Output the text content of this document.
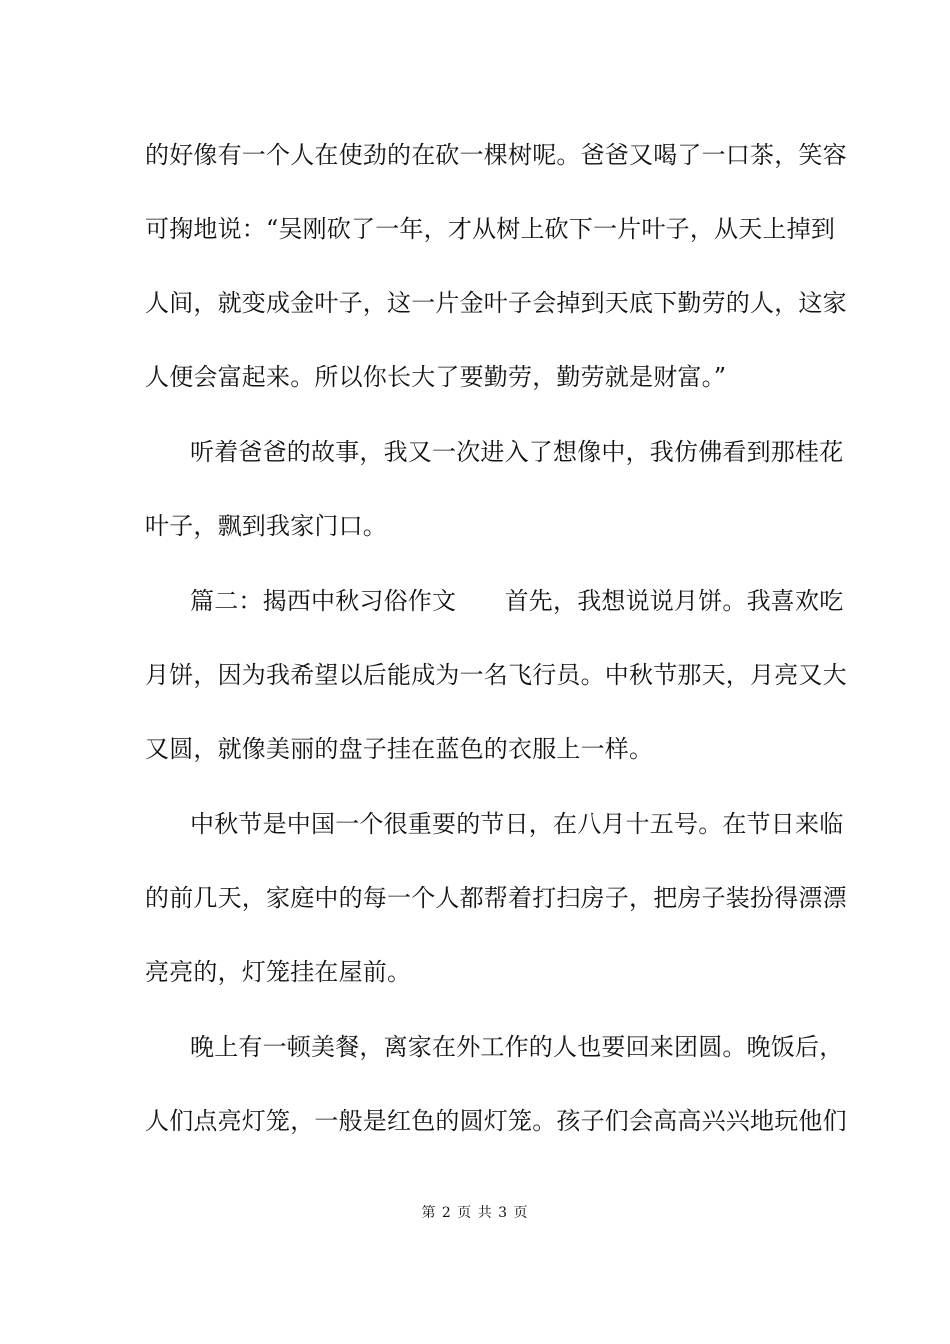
的好像有一个人在使劲的在砍一棵树呢。爸爸又喝了一口茶，笑容
可掬地说：“吴刚砍了一年，才从树上砍下一片叶子，从天上掉到
人间，就变成金叶子，这一片金叶子会掉到天底下勤劳的人，这家
人便会富起来。所以你长大了要勤劳，勤劳就是财富。”
听着爸爸的故事，我又一次进入了想像中，我仿佛看到那桂花
叶子，飘到我家门口。
篇二：揭西中秋习俗作文　　首先，我想说说月饼。我喜欢吃
月饼，因为我希望以后能成为一名飞行员。中秋节那天，月亮又大
又圆，就像美丽的盘子挂在蓝色的衣服上一样。
中秋节是中国一个很重要的节日，在八月十五号。在节日来临
的前几天，家庭中的每一个人都帮着打扫房子，把房子装扮得漂漂
亮亮的，灯笼挂在屋前。
晚上有一顿美餐，离家在外工作的人也要回来团圆。晚饭后，
人们点亮灯笼，一般是红色的圆灯笼。孩子们会高高兴兴地玩他们
第 2 页 共 3 页
